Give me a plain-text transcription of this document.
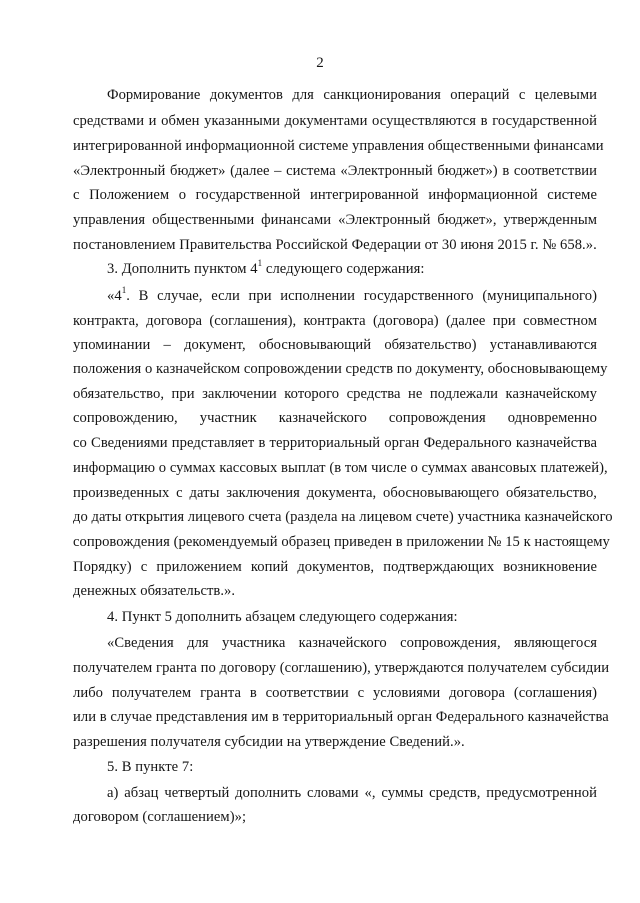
2
Формирование документов для санкционирования операций с целевыми
средствами и обмен указанными документами осуществляются в государственной
интегрированной информационной системе управления общественными финансами
«Электронный бюджет» (далее – система «Электронный бюджет») в соответствии
с Положением о государственной интегрированной информационной системе
управления общественными финансами «Электронный бюджет», утвержденным
постановлением Правительства Российской Федерации от 30 июня 2015 г. № 658.».
3. Дополнить пунктом $4^1$ следующего содержания:
«$4^1$. В случае, если при исполнении государственного (муниципального)
контракта, договора (соглашения), контракта (договора) (далее при совместном
упоминании – документ, обосновывающий обязательство) устанавливаются
положения о казначейском сопровождении средств по документу, обосновывающему
обязательство, при заключении которого средства не подлежали казначейскому
сопровождению, участник казначейского сопровождения одновременно
со Сведениями представляет в территориальный орган Федерального казначейства
информацию о суммах кассовых выплат (в том числе о суммах авансовых платежей),
произведенных с даты заключения документа, обосновывающего обязательство,
до даты открытия лицевого счета (раздела на лицевом счете) участника казначейского
сопровождения (рекомендуемый образец приведен в приложении № 15 к настоящему
Порядку) с приложением копий документов, подтверждающих возникновение
денежных обязательств.».
4. Пункт 5 дополнить абзацем следующего содержания:
«Сведения для участника казначейского сопровождения, являющегося
получателем гранта по договору (соглашению), утверждаются получателем субсидии
либо получателем гранта в соответствии с условиями договора (соглашения)
или в случае представления им в территориальный орган Федерального казначейства
разрешения получателя субсидии на утверждение Сведений.».
5. В пункте 7:
а) абзац четвертый дополнить словами «, суммы средств, предусмотренной
договором (соглашением)»;
